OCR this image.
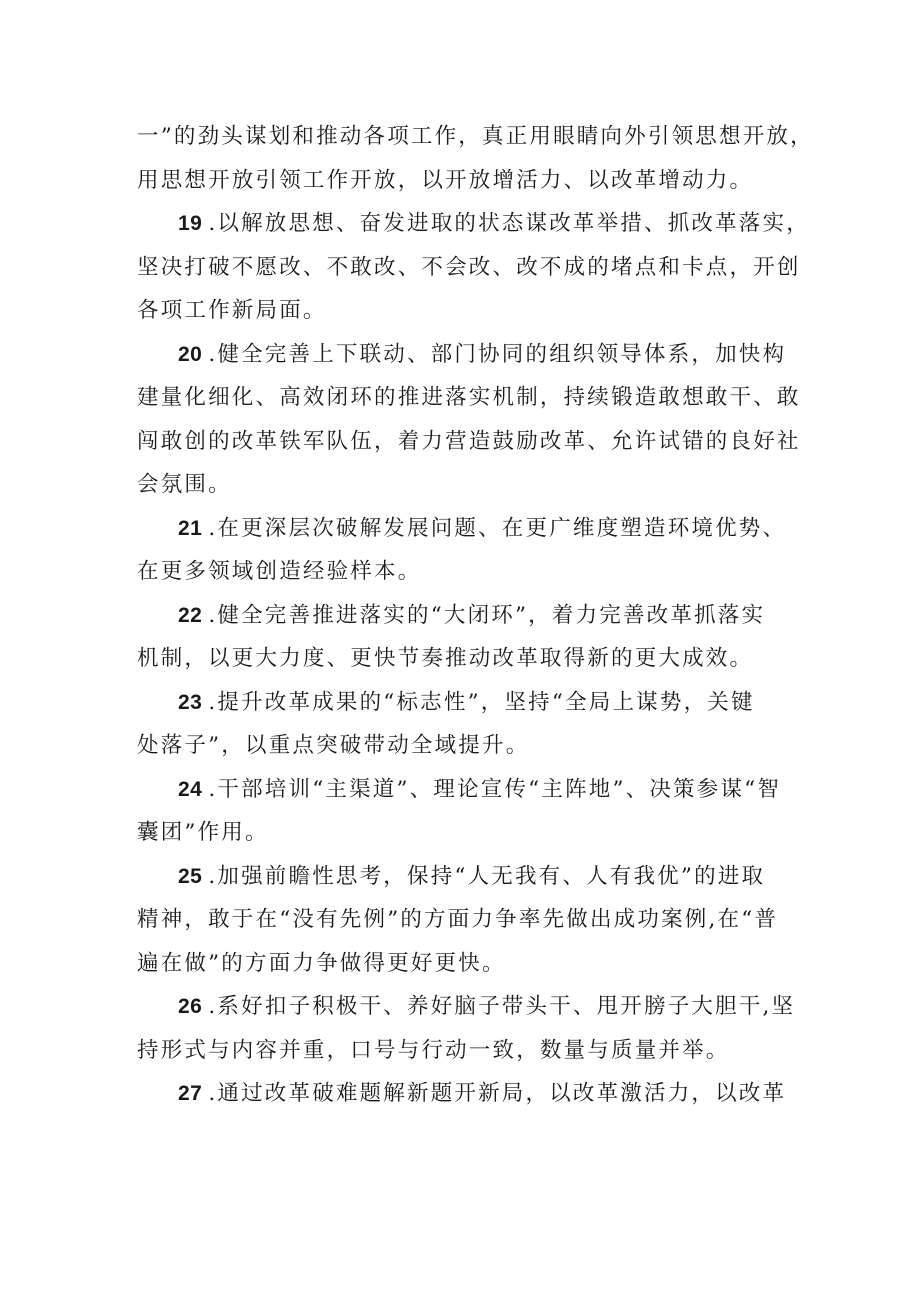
一”的劲头谋划和推动各项工作，真正用眼睛向外引领思想开放，
用思想开放引领工作开放，以开放增活力、以改革增动力。
19 .以解放思想、奋发进取的状态谋改革举措、抓改革落实，
坚决打破不愿改、不敢改、不会改、改不成的堵点和卡点，开创
各项工作新局面。
20 .健全完善上下联动、部门协同的组织领导体系，加快构
建量化细化、高效闭环的推进落实机制，持续锻造敢想敢干、敢
闯敢创的改革铁军队伍，着力营造鼓励改革、允许试错的良好社
会氛围。
21 .在更深层次破解发展问题、在更广维度塑造环境优势、
在更多领域创造经验样本。
22 .健全完善推进落实的“大闭环”，着力完善改革抓落实
机制，以更大力度、更快节奏推动改革取得新的更大成效。
23 .提升改革成果的“标志性”，坚持“全局上谋势，关键
处落子”，以重点突破带动全域提升。
24 .干部培训“主渠道”、理论宣传“主阵地”、决策参谋“智
囊团”作用。
25 .加强前瞻性思考，保持“人无我有、人有我优”的进取
精神，敢于在“没有先例”的方面力争率先做出成功案例,在“普
遍在做”的方面力争做得更好更快。
26 .系好扣子积极干、养好脑子带头干、甩开膀子大胆干,坚
持形式与内容并重，口号与行动一致，数量与质量并举。
27 .通过改革破难题解新题开新局，以改革激活力，以改革
